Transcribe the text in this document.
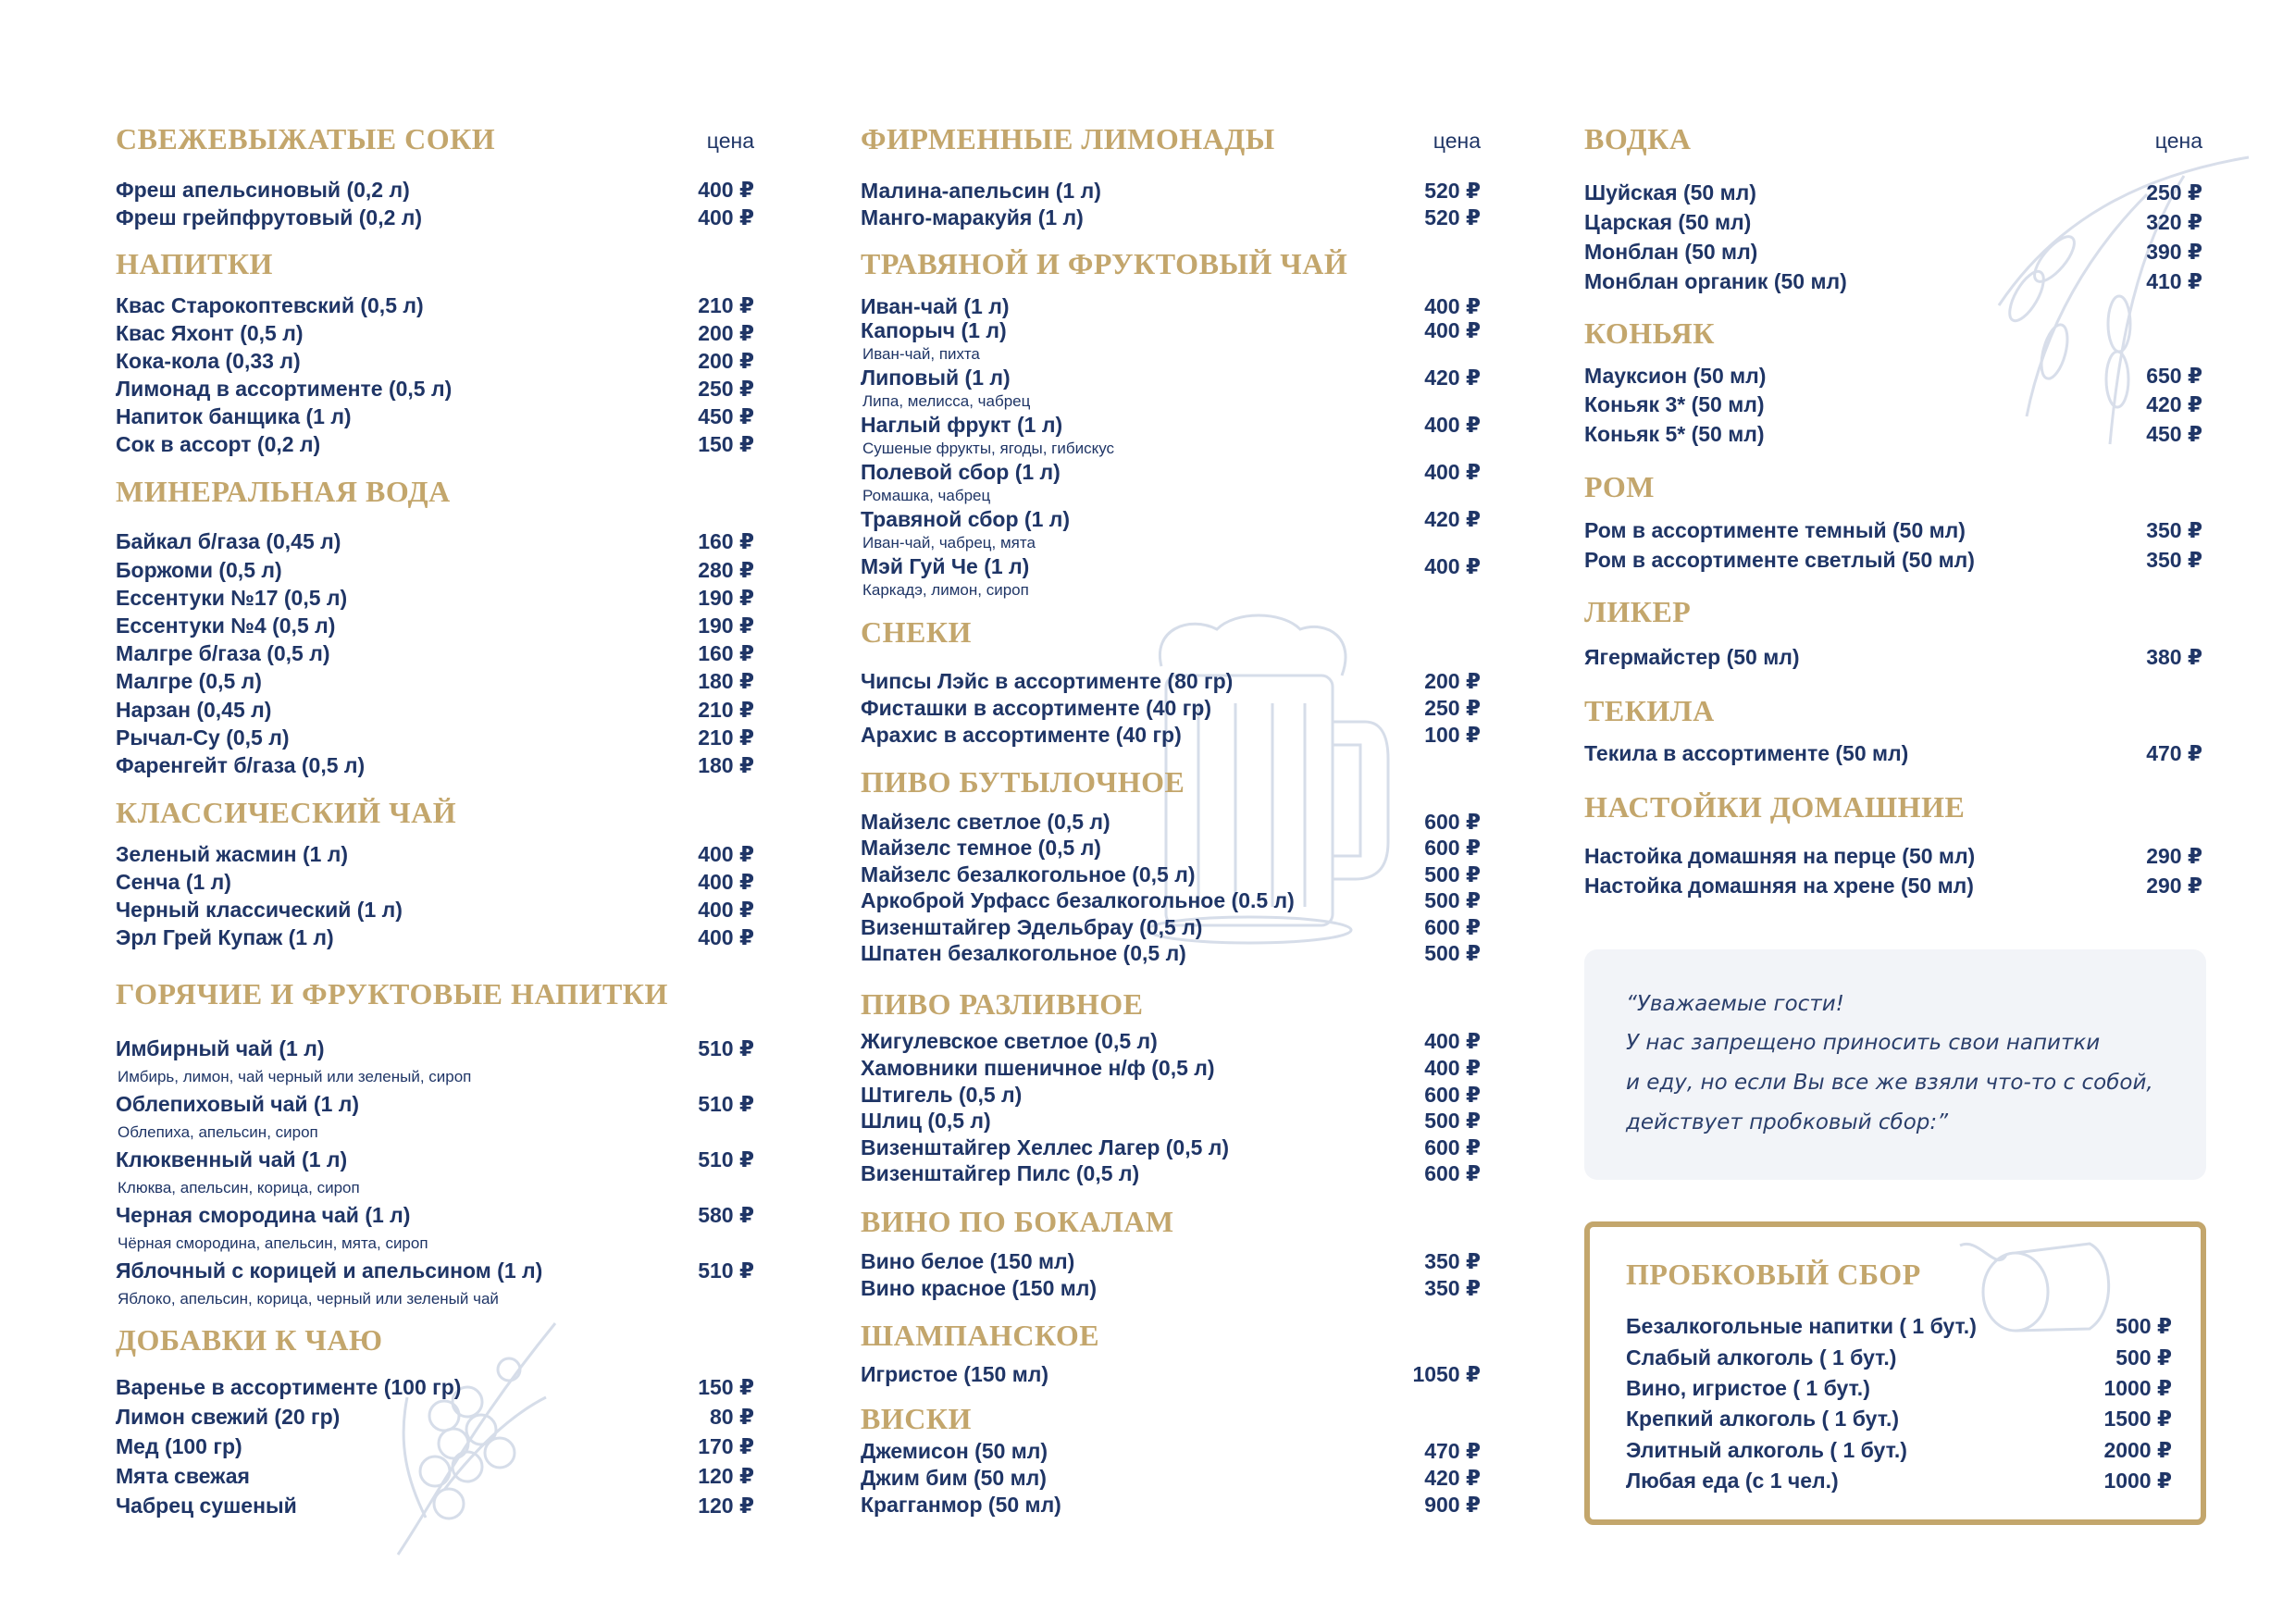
цена
СВЕЖЕВЫЖАТЫЕ СОКИ
Фреш апельсиновый (0,2 л)	400 ₽
Фреш грейпфрутовый (0,2 л)	400 ₽
НАПИТКИ
Квас Старокоптевский (0,5 л)	210 ₽
Квас Яхонт (0,5 л)	200 ₽
Кока-кола (0,33 л)	200 ₽
Лимонад в ассортименте (0,5 л)	250 ₽
Напиток банщика (1 л)	450 ₽
Сок в ассорт (0,2 л)	150 ₽
МИНЕРАЛЬНАЯ ВОДА
Байкал б/газа (0,45 л)	160 ₽
Боржоми (0,5 л)	280 ₽
Ессентуки №17 (0,5 л)	190 ₽
Ессентуки №4 (0,5 л)	190 ₽
Малгре б/газа (0,5 л)	160 ₽
Малгре (0,5 л)	180 ₽
Нарзан (0,45 л)	210 ₽
Рычал-Су (0,5 л)	210 ₽
Фаренгейт б/газа (0,5 л)	180 ₽
КЛАССИЧЕСКИЙ ЧАЙ
Зеленый жасмин (1 л)	400 ₽
Сенча (1 л)	400 ₽
Черный классический (1 л)	400 ₽
Эрл Грей Купаж (1 л)	400 ₽
ГОРЯЧИЕ И ФРУКТОВЫЕ НАПИТКИ
Имбирный чай (1 л)	510 ₽
Имбирь, лимон, чай черный или зеленый, сироп
Облепиховый чай (1 л)	510 ₽
Облепиха, апельсин, сироп
Клюквенный чай (1 л)	510 ₽
Клюква, апельсин, корица, сироп
Черная смородина чай (1 л)	580 ₽
Чёрная смородина, апельсин, мята, сироп
Яблочный с корицей и апельсином (1 л)	510 ₽
Яблоко, апельсин, корица, черный или зеленый чай
ДОБАВКИ К ЧАЮ
Варенье в ассортименте (100 гр)	150 ₽
Лимон свежий (20 гр)	80 ₽
Мед (100 гр)	170 ₽
Мята свежая	120 ₽
Чабрец сушеный	120 ₽
цена
ФИРМЕННЫЕ ЛИМОНАДЫ
Малина-апельсин (1 л)	520 ₽
Манго-маракуйя (1 л)	520 ₽
ТРАВЯНОЙ И ФРУКТОВЫЙ ЧАЙ
Иван-чай (1 л)	400 ₽
Капорыч (1 л)	400 ₽
Иван-чай, пихта
Липовый (1 л)	420 ₽
Липа, мелисса, чабрец
Наглый фрукт (1 л)	400 ₽
Сушеные фрукты, ягоды, гибискус
Полевой сбор (1 л)	400 ₽
Ромашка, чабрец
Травяной сбор (1 л)	420 ₽
Иван-чай, чабрец, мята
Мэй Гуй Че (1 л)	400 ₽
Каркадэ, лимон, сироп
СНЕКИ
Чипсы Лэйс в ассортименте (80 гр)	200 ₽
Фисташки в ассортименте (40 гр)	250 ₽
Арахис в ассортименте (40 гр)	100 ₽
ПИВО БУТЫЛОЧНОЕ
Майзелс светлое (0,5 л)	600 ₽
Майзелс темное (0,5 л)	600 ₽
Майзелс безалкогольное (0,5 л)	500 ₽
Аркоброй Урфасс безалкогольное (0.5 л)	500 ₽
Визенштайгер Эдельбрау (0,5 л)	600 ₽
Шпатен безалкогольное (0,5 л)	500 ₽
ПИВО РАЗЛИВНОЕ
Жигулевское светлое (0,5 л)	400 ₽
Хамовники пшеничное н/ф (0,5 л)	400 ₽
Штигель (0,5 л)	600 ₽
Шлиц (0,5 л)	500 ₽
Визенштайгер Хеллес Лагер (0,5 л)	600 ₽
Визенштайгер Пилс (0,5 л)	600 ₽
ВИНО ПО БОКАЛАМ
Вино белое (150 мл)	350 ₽
Вино красное (150 мл)	350 ₽
ШАМПАНСКОЕ
Игристое (150 мл)	1050 ₽
ВИСКИ
Джемисон (50 мл)	470 ₽
Джим бим (50 мл)	420 ₽
Крагганмор (50 мл)	900 ₽
цена
ВОДКА
Шуйская (50 мл)	250 ₽
Царская (50 мл)	320 ₽
Монблан (50 мл)	390 ₽
Монблан органик (50 мл)	410 ₽
КОНЬЯК
Мауксион (50 мл)	650 ₽
Коньяк 3* (50 мл)	420 ₽
Коньяк 5* (50 мл)	450 ₽
РОМ
Ром в ассортименте темный (50 мл)	350 ₽
Ром в ассортименте светлый (50 мл)	350 ₽
ЛИКЕР
Ягермайстер (50 мл)	380 ₽
ТЕКИЛА
Текила в ассортименте (50 мл)	470 ₽
НАСТОЙКИ ДОМАШНИЕ
Настойка домашняя на перце (50 мл)	290 ₽
Настойка домашняя на хрене (50 мл)	290 ₽
“Уважаемые гости!
У нас запрещено приносить свои напитки
и еду, но если Вы все же взяли что-то с собой,
действует пробковый сбор:”
ПРОБКОВЫЙ СБОР
Безалкогольные напитки ( 1 бут.)	500 ₽
Слабый алкоголь ( 1 бут.)	500 ₽
Вино, игристое ( 1 бут.)	1000 ₽
Крепкий алкоголь ( 1 бут.)	1500 ₽
Элитный алкоголь ( 1 бут.)	2000 ₽
Любая еда (с 1 чел.)	1000 ₽
